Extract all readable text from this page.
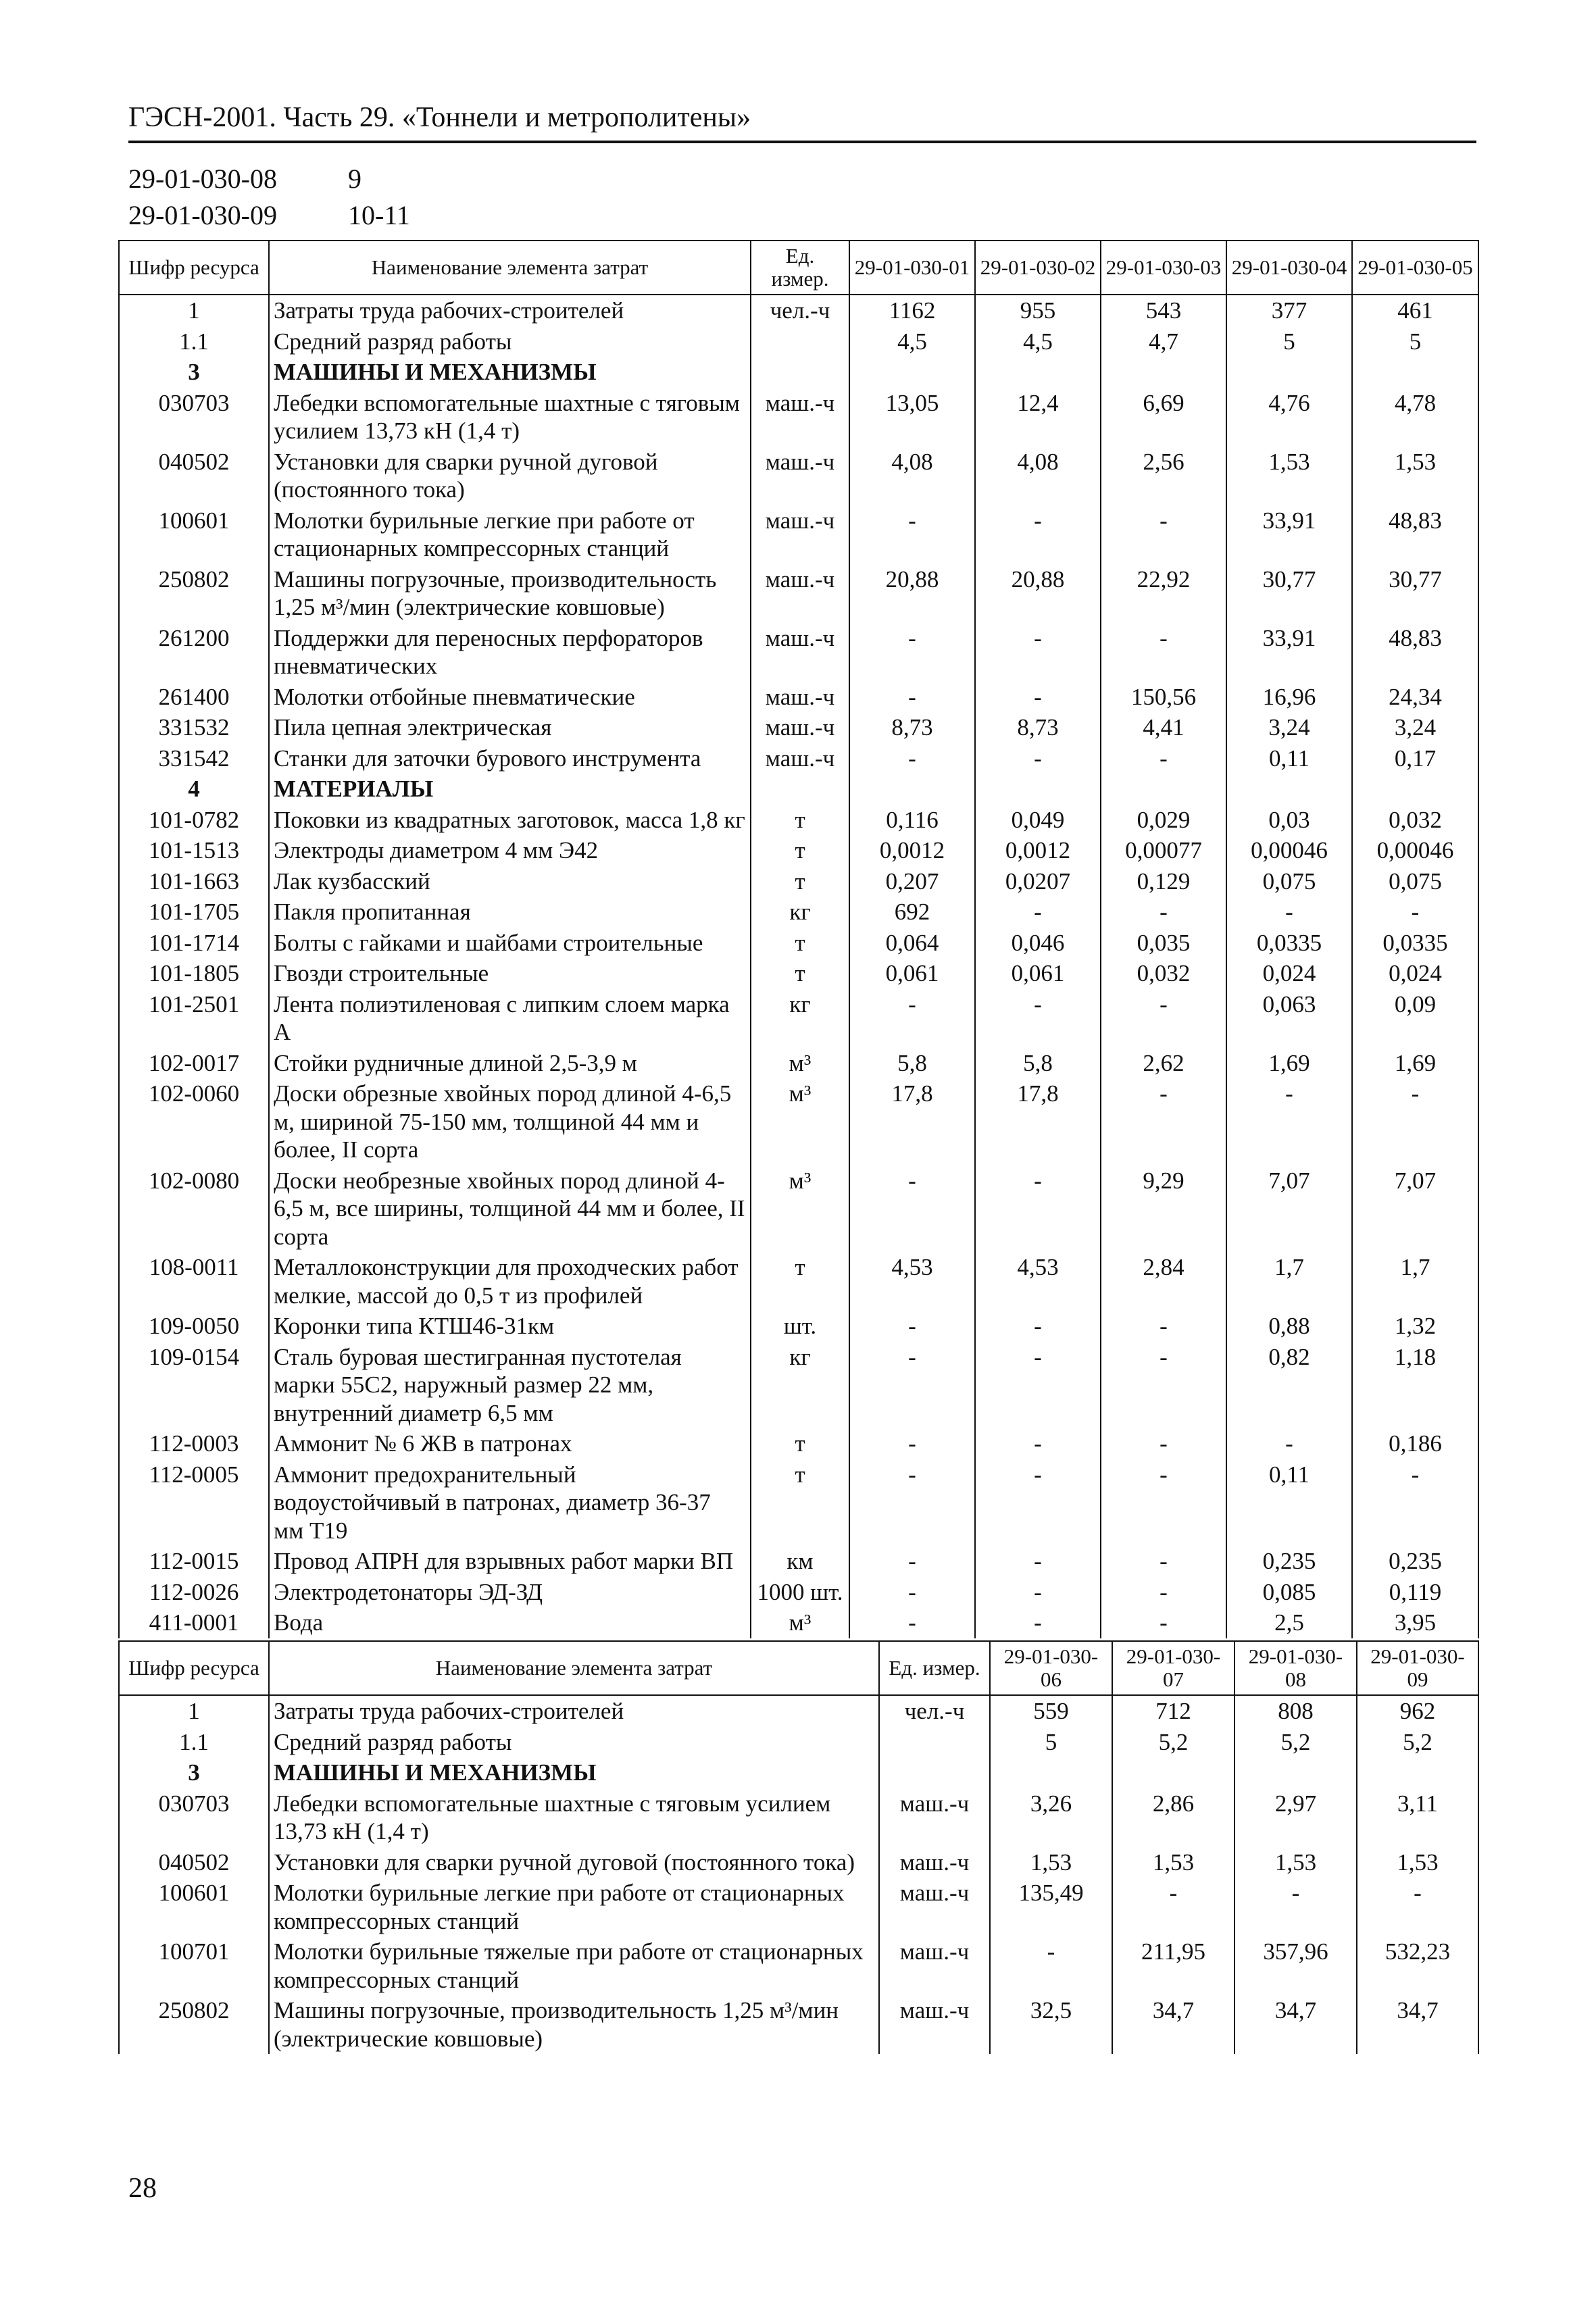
ГЭСН-2001. Часть 29. «Тоннели и метрополитены»
29-01-030-08	9
29-01-030-09	10-11
Шифр ресурса	Наименование элемента затрат	Ед. измер.	29-01-030-01	29-01-030-02	29-01-030-03	29-01-030-04	29-01-030-05
1	Затраты труда рабочих-строителей	чел.-ч	1162	955	543	377	461
1.1	Средний разряд работы		4,5	4,5	4,7	5	5
3	МАШИНЫ И МЕХАНИЗМЫ						
030703	Лебедки вспомогательные шахтные с тяговым усилием 13,73 кН (1,4 т)	маш.-ч	13,05	12,4	6,69	4,76	4,78
040502	Установки для сварки ручной дуговой (постоянного тока)	маш.-ч	4,08	4,08	2,56	1,53	1,53
100601	Молотки бурильные легкие при работе от стационарных компрессорных станций	маш.-ч	-	-	-	33,91	48,83
250802	Машины погрузочные, производительность 1,25 м³/мин (электрические ковшовые)	маш.-ч	20,88	20,88	22,92	30,77	30,77
261200	Поддержки для переносных перфораторов пневматических	маш.-ч	-	-	-	33,91	48,83
261400	Молотки отбойные пневматические	маш.-ч	-	-	150,56	16,96	24,34
331532	Пила цепная электрическая	маш.-ч	8,73	8,73	4,41	3,24	3,24
331542	Станки для заточки бурового инструмента	маш.-ч	-	-	-	0,11	0,17
4	МАТЕРИАЛЫ						
101-0782	Поковки из квадратных заготовок, масса 1,8 кг	т	0,116	0,049	0,029	0,03	0,032
101-1513	Электроды диаметром 4 мм Э42	т	0,0012	0,0012	0,00077	0,00046	0,00046
101-1663	Лак кузбасский	т	0,207	0,0207	0,129	0,075	0,075
101-1705	Пакля пропитанная	кг	692	-	-	-	-
101-1714	Болты с гайками и шайбами строительные	т	0,064	0,046	0,035	0,0335	0,0335
101-1805	Гвозди строительные	т	0,061	0,061	0,032	0,024	0,024
101-2501	Лента полиэтиленовая с липким слоем марка А	кг	-	-	-	0,063	0,09
102-0017	Стойки рудничные длиной 2,5-3,9 м	м³	5,8	5,8	2,62	1,69	1,69
102-0060	Доски обрезные хвойных пород длиной 4-6,5 м, шириной 75-150 мм, толщиной 44 мм и более, II сорта	м³	17,8	17,8	-	-	-
102-0080	Доски необрезные хвойных пород длиной 4-6,5 м, все ширины, толщиной 44 мм и более, II сорта	м³	-	-	9,29	7,07	7,07
108-0011	Металлоконструкции для проходческих работ мелкие, массой до 0,5 т из профилей	т	4,53	4,53	2,84	1,7	1,7
109-0050	Коронки типа КТШ46-31км	шт.	-	-	-	0,88	1,32
109-0154	Сталь буровая шестигранная пустотелая марки 55С2, наружный размер 22 мм, внутренний диаметр 6,5 мм	кг	-	-	-	0,82	1,18
112-0003	Аммонит № 6 ЖВ в патронах	т	-	-	-	-	0,186
112-0005	Аммонит предохранительный водоустойчивый в патронах, диаметр 36-37 мм Т19	т	-	-	-	0,11	-
112-0015	Провод АПРН для взрывных работ марки ВП	км	-	-	-	0,235	0,235
112-0026	Электродетонаторы ЭД-ЗД	1000 шт.	-	-	-	0,085	0,119
411-0001	Вода	м³	-	-	-	2,5	3,95
Шифр ресурса	Наименование элемента затрат	Ед. измер.	29-01-030-06	29-01-030-07	29-01-030-08	29-01-030-09
1	Затраты труда рабочих-строителей	чел.-ч	559	712	808	962
1.1	Средний разряд работы		5	5,2	5,2	5,2
3	МАШИНЫ И МЕХАНИЗМЫ					
030703	Лебедки вспомогательные шахтные с тяговым усилием 13,73 кН (1,4 т)	маш.-ч	3,26	2,86	2,97	3,11
040502	Установки для сварки ручной дуговой (постоянного тока)	маш.-ч	1,53	1,53	1,53	1,53
100601	Молотки бурильные легкие при работе от стационарных компрессорных станций	маш.-ч	135,49	-	-	-
100701	Молотки бурильные тяжелые при работе от стационарных компрессорных станций	маш.-ч	-	211,95	357,96	532,23
250802	Машины погрузочные, производительность 1,25 м³/мин (электрические ковшовые)	маш.-ч	32,5	34,7	34,7	34,7
28
